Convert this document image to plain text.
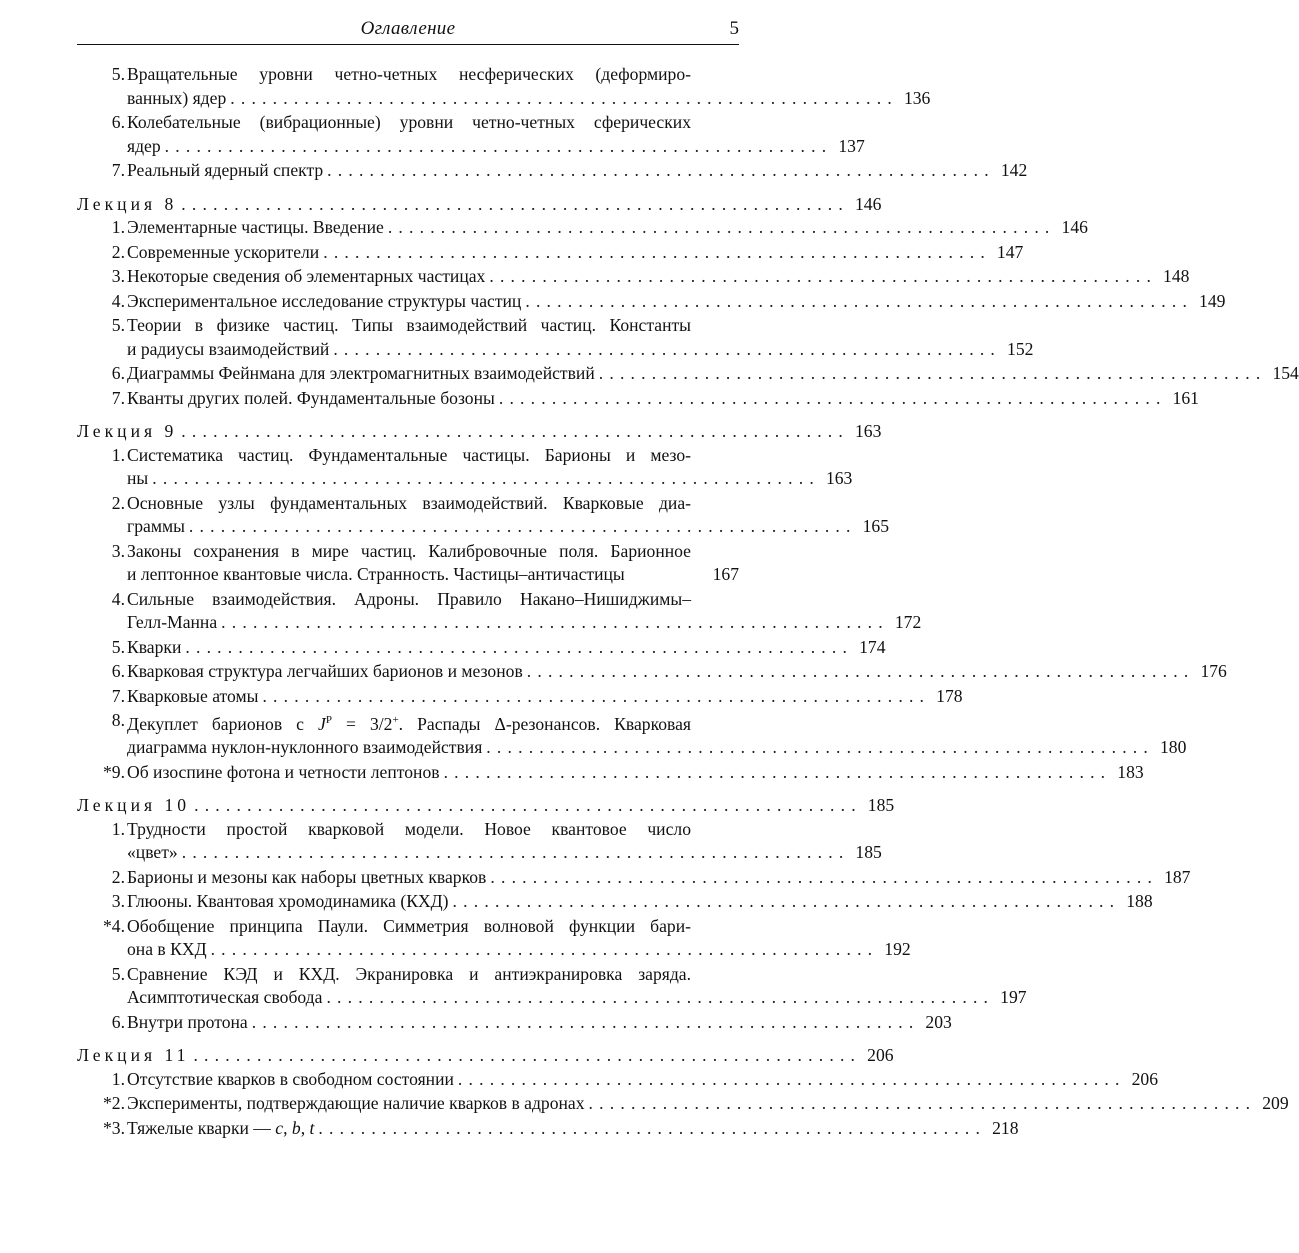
Оглавление	5
5. Вращательные уровни четно-четных несферических (деформиро-
ванных) ядер ............................................................... 136
6. Колебательные (вибрационные) уровни четно-четных сферических
ядер ............................................................... 137
7. Реальный ядерный спектр ............................................................... 142
Лекция 8 ............................................................... 146
1. Элементарные частицы. Введение ............................................................... 146
2. Современные ускорители ............................................................... 147
3. Некоторые сведения об элементарных частицах ............................................................... 148
4. Экспериментальное исследование структуры частиц ............................................................... 149
5. Теории в физике частиц. Типы взаимодействий частиц. Константы
и радиусы взаимодействий ............................................................... 152
6. Диаграммы Фейнмана для электромагнитных взаимодействий ............................................................... 154
7. Кванты других полей. Фундаментальные бозоны ............................................................... 161
Лекция 9 ............................................................... 163
1. Систематика частиц. Фундаментальные частицы. Барионы и мезо-
ны ............................................................... 163
2. Основные узлы фундаментальных взаимодействий. Кварковые диа-
граммы ............................................................... 165
3. Законы сохранения в мире частиц. Калибровочные поля. Барионное
и лептонное квантовые числа. Странность. Частицы–античастицы	167
4. Сильные взаимодействия. Адроны. Правило Накано–Нишиджимы–
Гелл-Манна ............................................................... 172
5. Кварки ............................................................... 174
6. Кварковая структура легчайших барионов и мезонов ............................................................... 176
7. Кварковые атомы ............................................................... 178
8. Декуплет барионов с $J^P = 3/2^+$. Распады Δ-резонансов. Кварковая
диаграмма нуклон-нуклонного взаимодействия ............................................................... 180
*9. Об изоспине фотона и четности лептонов ............................................................... 183
Лекция 10 ............................................................... 185
1. Трудности простой кварковой модели. Новое квантовое число
«цвет» ............................................................... 185
2. Барионы и мезоны как наборы цветных кварков ............................................................... 187
3. Глюоны. Квантовая хромодинамика (КХД) ............................................................... 188
*4. Обобщение принципа Паули. Симметрия волновой функции бари-
она в КХД ............................................................... 192
5. Сравнение КЭД и КХД. Экранировка и антиэкранировка заряда.
Асимптотическая свобода ............................................................... 197
6. Внутри протона ............................................................... 203
Лекция 11 ............................................................... 206
1. Отсутствие кварков в свободном состоянии ............................................................... 206
*2. Эксперименты, подтверждающие наличие кварков в адронах ............................................................... 209
*3. Тяжелые кварки — c, b, t ............................................................... 218
